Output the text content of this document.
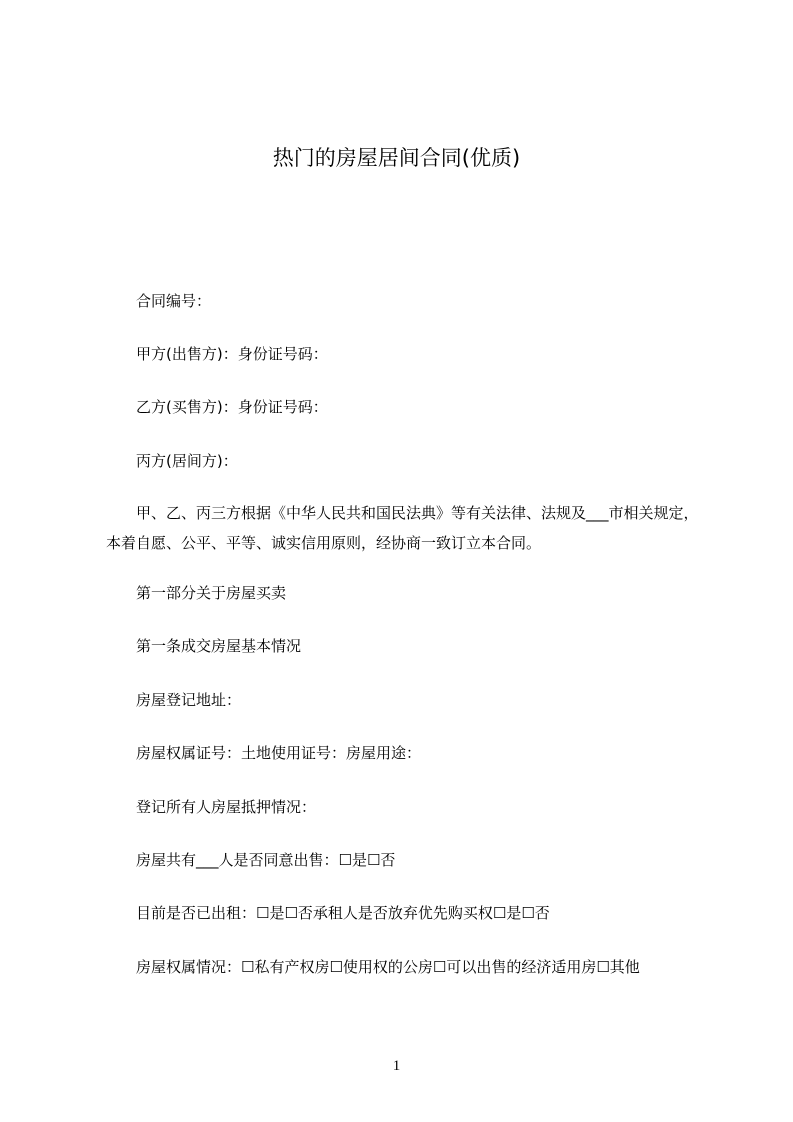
热门的房屋居间合同(优质)
合同编号：
甲方(出售方)：身份证号码：
乙方(买售方)：身份证号码：
丙方(居间方)：
甲、乙、丙三方根据《中华人民共和国民法典》等有关法律、法规及___市相关规定，本着自愿、公平、平等、诚实信用原则，经协商一致订立本合同。
第一部分关于房屋买卖
第一条成交房屋基本情况
房屋登记地址：
房屋权属证号：土地使用证号：房屋用途：
登记所有人房屋抵押情况：
房屋共有___人是否同意出售：☐是☐否
目前是否已出租：☐是☐否承租人是否放弃优先购买权☐是☐否
房屋权属情况：☐私有产权房☐使用权的公房☐可以出售的经济适用房☐其他
1
